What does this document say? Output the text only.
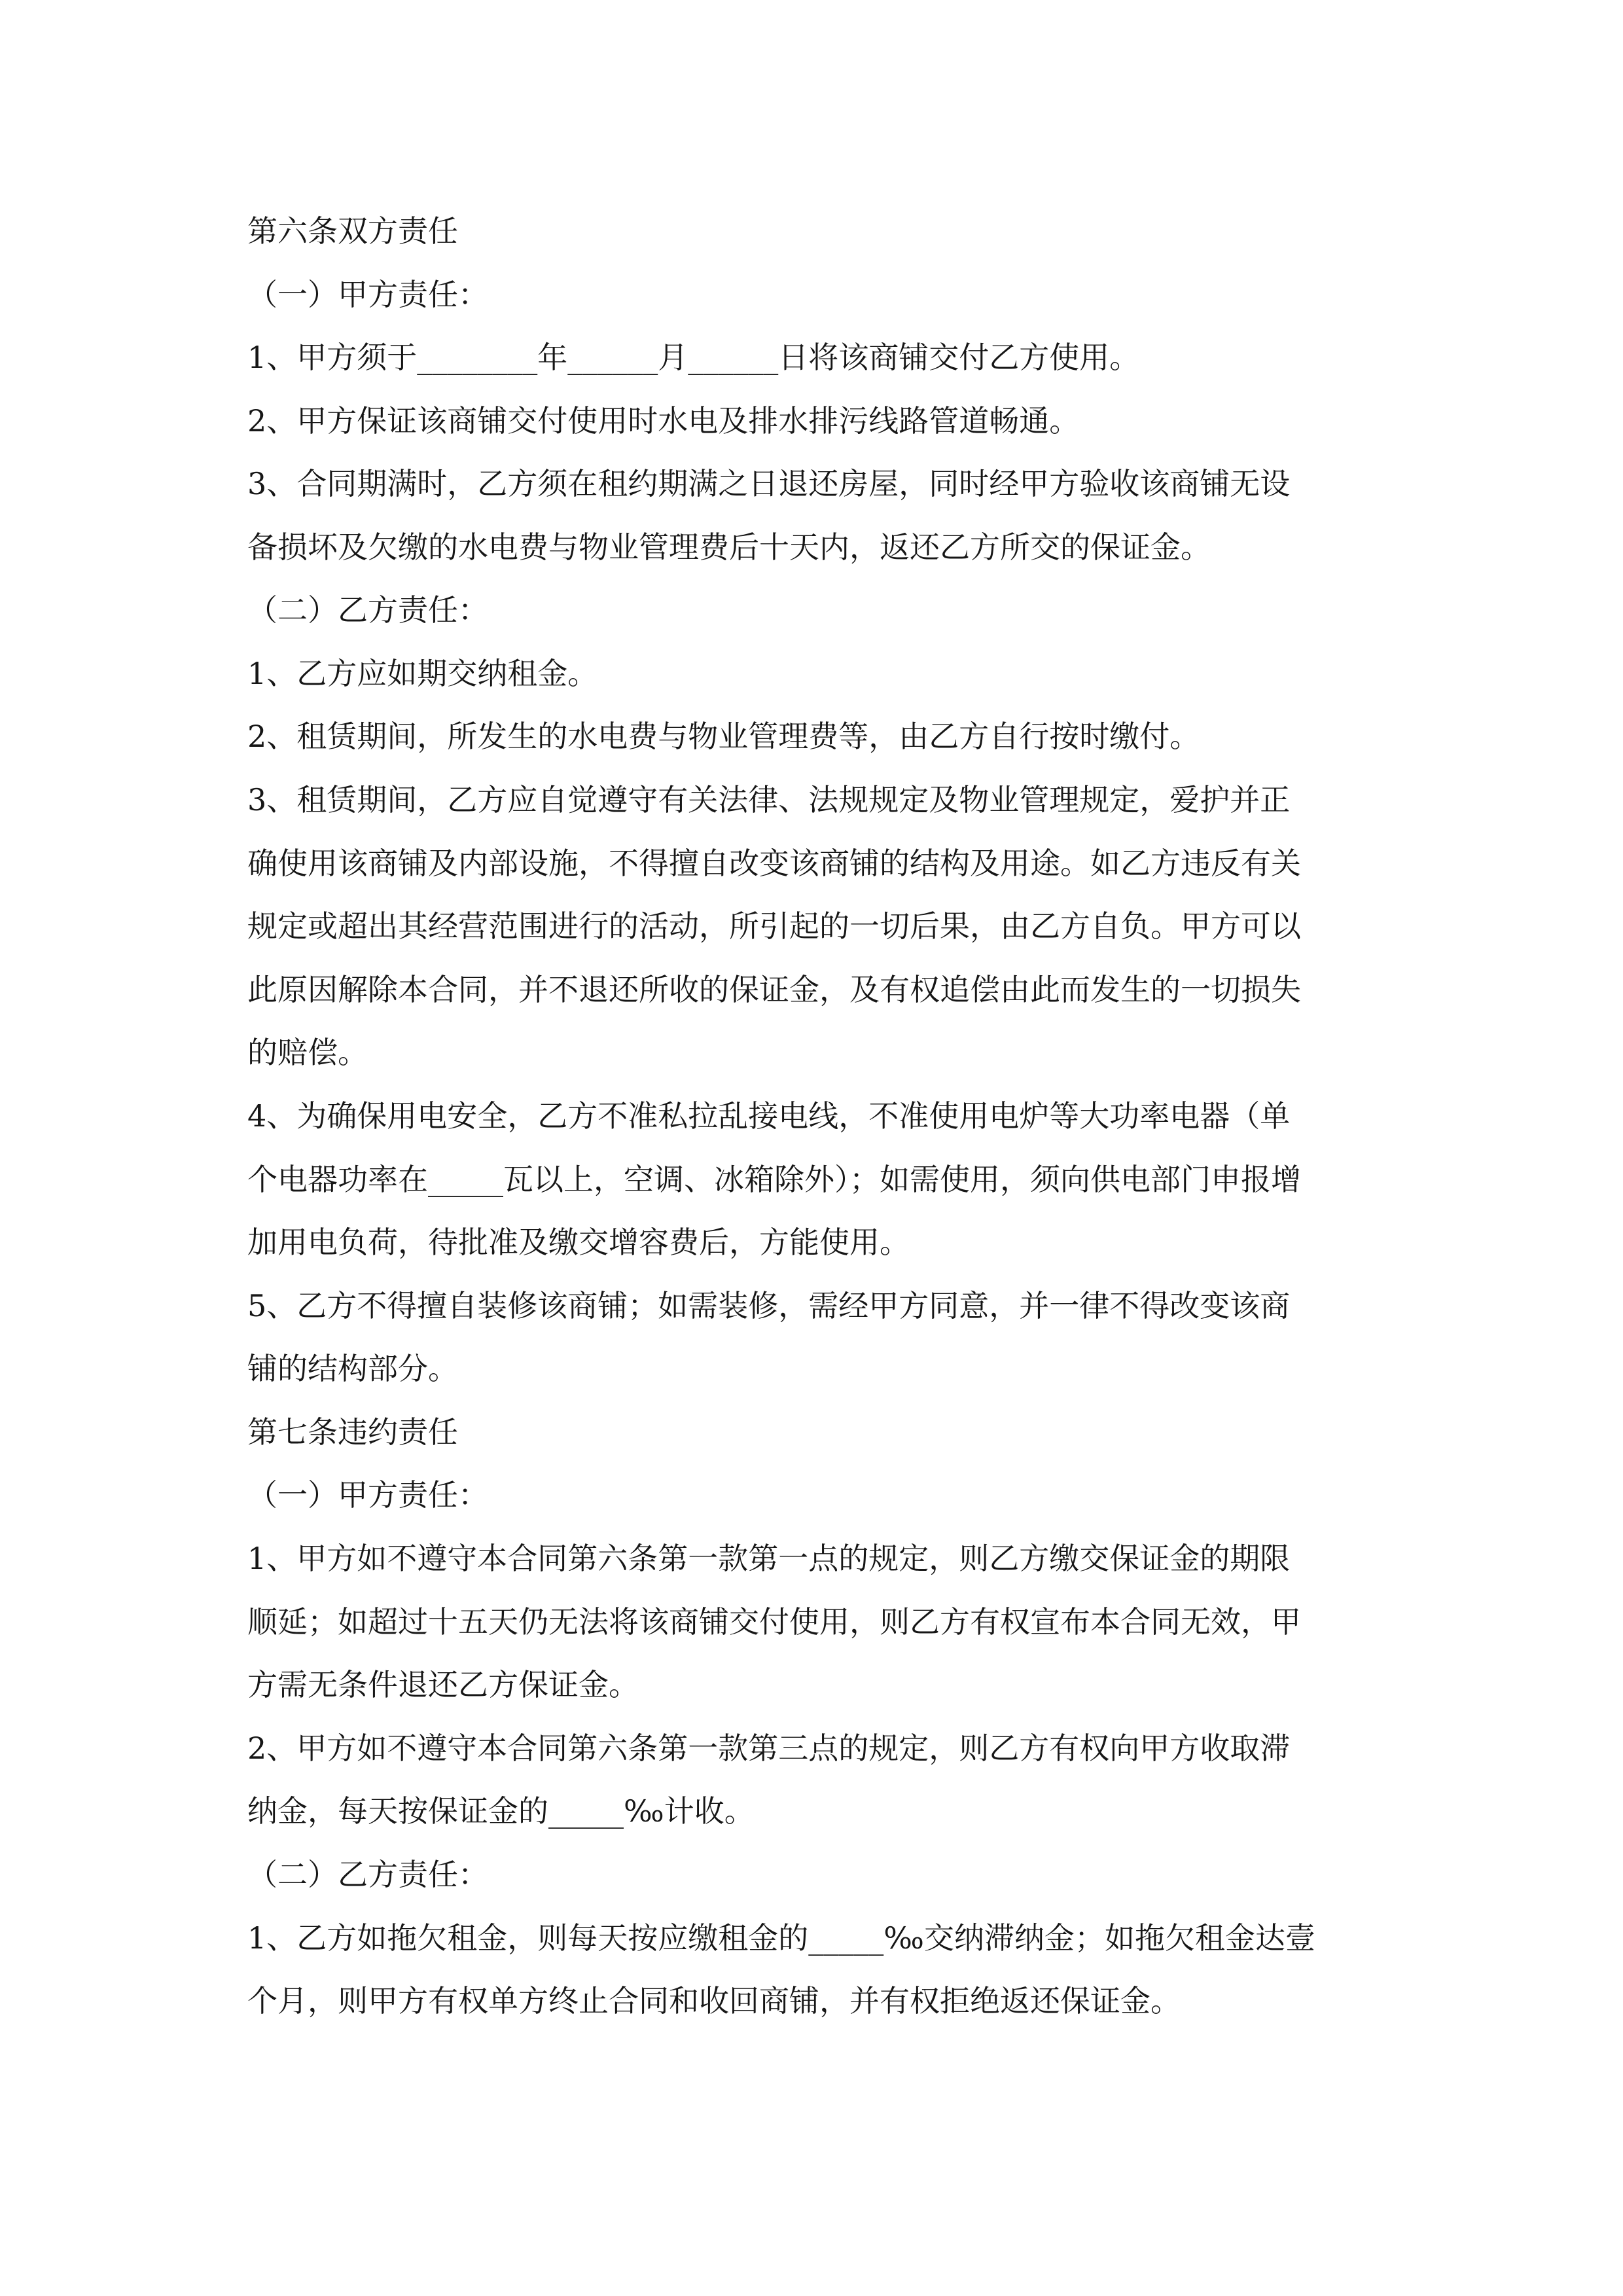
第六条双方责任
（一）甲方责任：
1、甲方须于________年______月______日将该商铺交付乙方使用。
2、甲方保证该商铺交付使用时水电及排水排污线路管道畅通。
3、合同期满时，乙方须在租约期满之日退还房屋，同时经甲方验收该商铺无设
备损坏及欠缴的水电费与物业管理费后十天内，返还乙方所交的保证金。
（二）乙方责任：
1、乙方应如期交纳租金。
2、租赁期间，所发生的水电费与物业管理费等，由乙方自行按时缴付。
3、租赁期间，乙方应自觉遵守有关法律、法规规定及物业管理规定，爱护并正
确使用该商铺及内部设施，不得擅自改变该商铺的结构及用途。如乙方违反有关
规定或超出其经营范围进行的活动，所引起的一切后果，由乙方自负。甲方可以
此原因解除本合同，并不退还所收的保证金，及有权追偿由此而发生的一切损失
的赔偿。
4、为确保用电安全，乙方不准私拉乱接电线，不准使用电炉等大功率电器（单
个电器功率在_____瓦以上，空调、冰箱除外）；如需使用，须向供电部门申报增
加用电负荷，待批准及缴交增容费后，方能使用。
5、乙方不得擅自装修该商铺；如需装修，需经甲方同意，并一律不得改变该商
铺的结构部分。
第七条违约责任
（一）甲方责任：
1、甲方如不遵守本合同第六条第一款第一点的规定，则乙方缴交保证金的期限
顺延；如超过十五天仍无法将该商铺交付使用，则乙方有权宣布本合同无效，甲
方需无条件退还乙方保证金。
2、甲方如不遵守本合同第六条第一款第三点的规定，则乙方有权向甲方收取滞
纳金，每天按保证金的_____‰计收。
（二）乙方责任：
1、乙方如拖欠租金，则每天按应缴租金的_____‰交纳滞纳金；如拖欠租金达壹
个月，则甲方有权单方终止合同和收回商铺，并有权拒绝返还保证金。
